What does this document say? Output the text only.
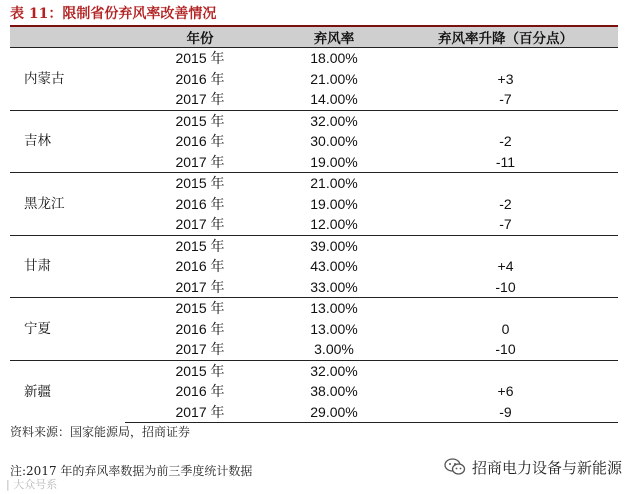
表 11：限制省份弃风率改善情况
	年份	弃风率	弃风率升降（百分点）
内蒙古	2015 年	18.00%	
	2016 年	21.00%	+3
	2017 年	14.00%	-7
吉林	2015 年	32.00%	
	2016 年	30.00%	-2
	2017 年	19.00%	-11
黑龙江	2015 年	21.00%	
	2016 年	19.00%	-2
	2017 年	12.00%	-7
甘肃	2015 年	39.00%	
	2016 年	43.00%	+4
	2017 年	33.00%	-10
宁夏	2015 年	13.00%	
	2016 年	13.00%	0
	2017 年	3.00%	-10
新疆	2015 年	32.00%	
	2016 年	38.00%	+6
	2017 年	29.00%	-9
资料来源：国家能源局，招商证券
注:2017 年的弃风率数据为前三季度统计数据	招商电力设备与新能源
| 大众号系
